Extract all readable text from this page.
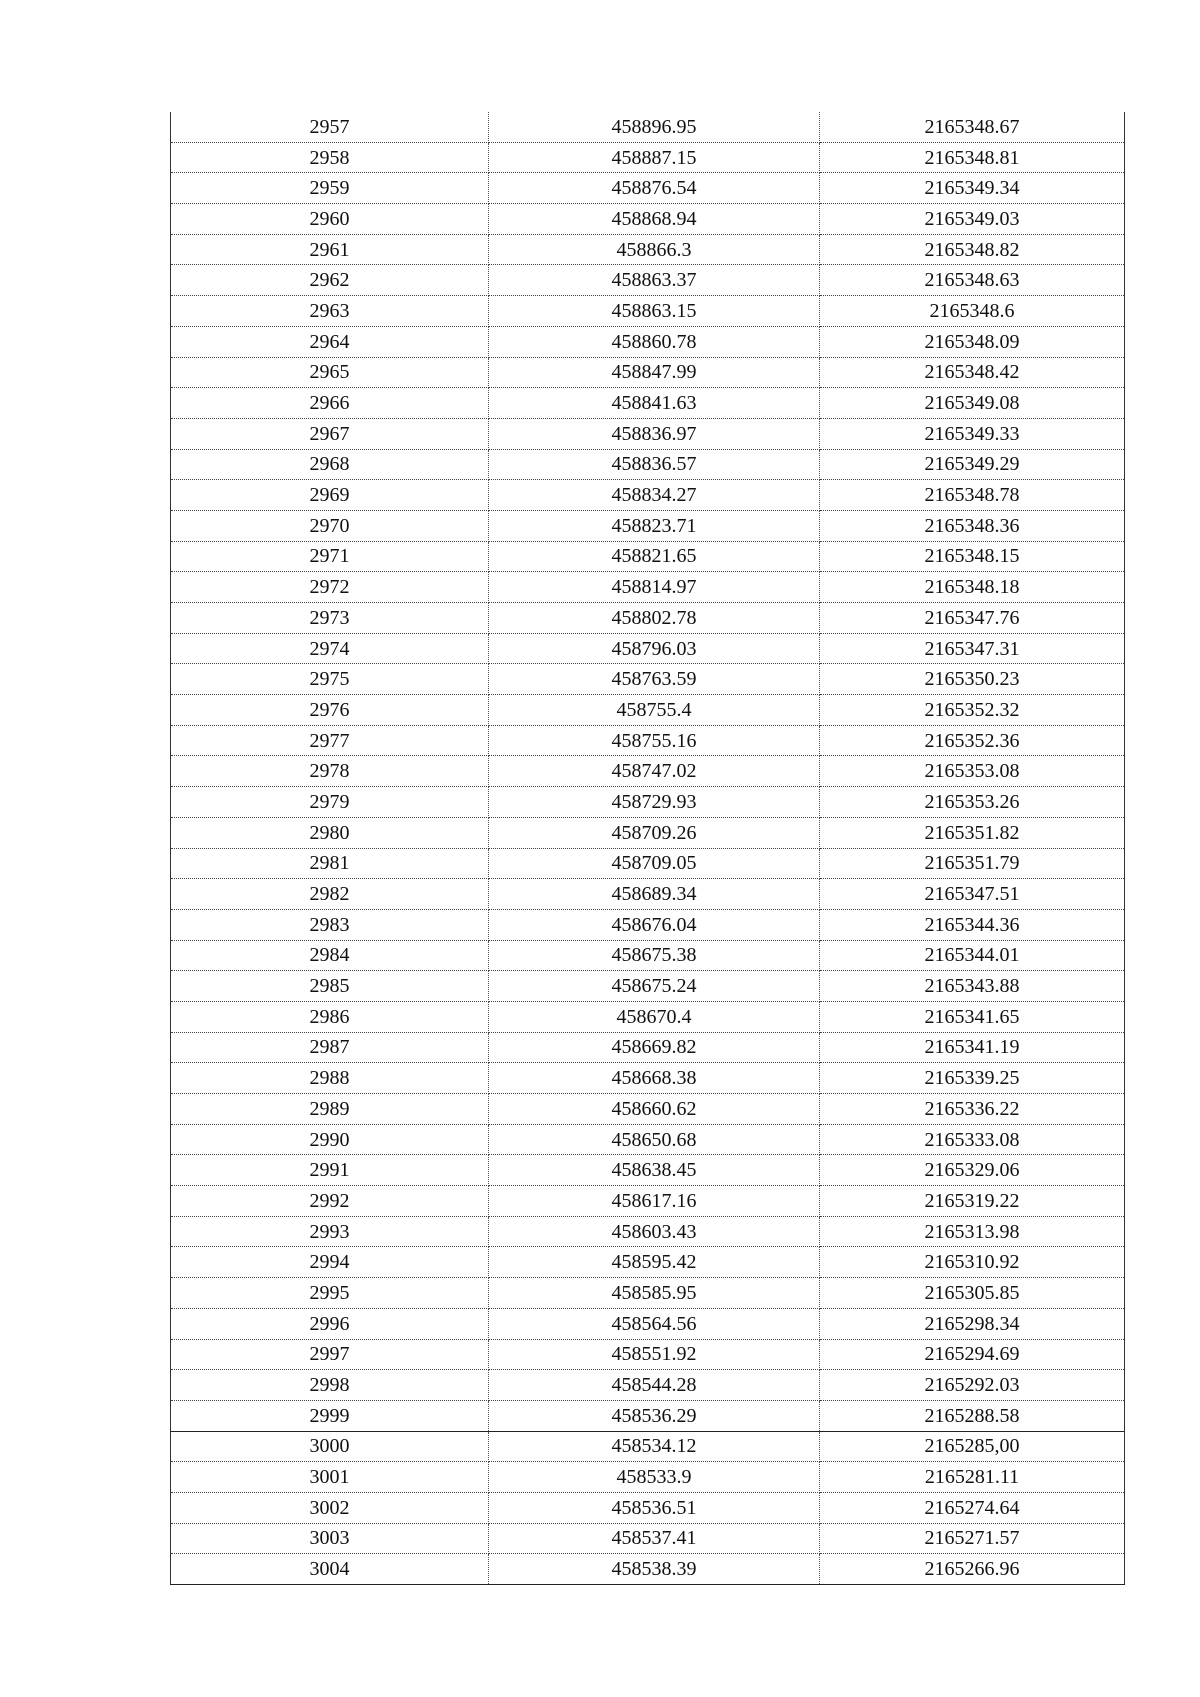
2957	458896.95	2165348.67
2958	458887.15	2165348.81
2959	458876.54	2165349.34
2960	458868.94	2165349.03
2961	458866.3	2165348.82
2962	458863.37	2165348.63
2963	458863.15	2165348.6
2964	458860.78	2165348.09
2965	458847.99	2165348.42
2966	458841.63	2165349.08
2967	458836.97	2165349.33
2968	458836.57	2165349.29
2969	458834.27	2165348.78
2970	458823.71	2165348.36
2971	458821.65	2165348.15
2972	458814.97	2165348.18
2973	458802.78	2165347.76
2974	458796.03	2165347.31
2975	458763.59	2165350.23
2976	458755.4	2165352.32
2977	458755.16	2165352.36
2978	458747.02	2165353.08
2979	458729.93	2165353.26
2980	458709.26	2165351.82
2981	458709.05	2165351.79
2982	458689.34	2165347.51
2983	458676.04	2165344.36
2984	458675.38	2165344.01
2985	458675.24	2165343.88
2986	458670.4	2165341.65
2987	458669.82	2165341.19
2988	458668.38	2165339.25
2989	458660.62	2165336.22
2990	458650.68	2165333.08
2991	458638.45	2165329.06
2992	458617.16	2165319.22
2993	458603.43	2165313.98
2994	458595.42	2165310.92
2995	458585.95	2165305.85
2996	458564.56	2165298.34
2997	458551.92	2165294.69
2998	458544.28	2165292.03
2999	458536.29	2165288.58
3000	458534.12	2165285,00
3001	458533.9	2165281.11
3002	458536.51	2165274.64
3003	458537.41	2165271.57
3004	458538.39	2165266.96
